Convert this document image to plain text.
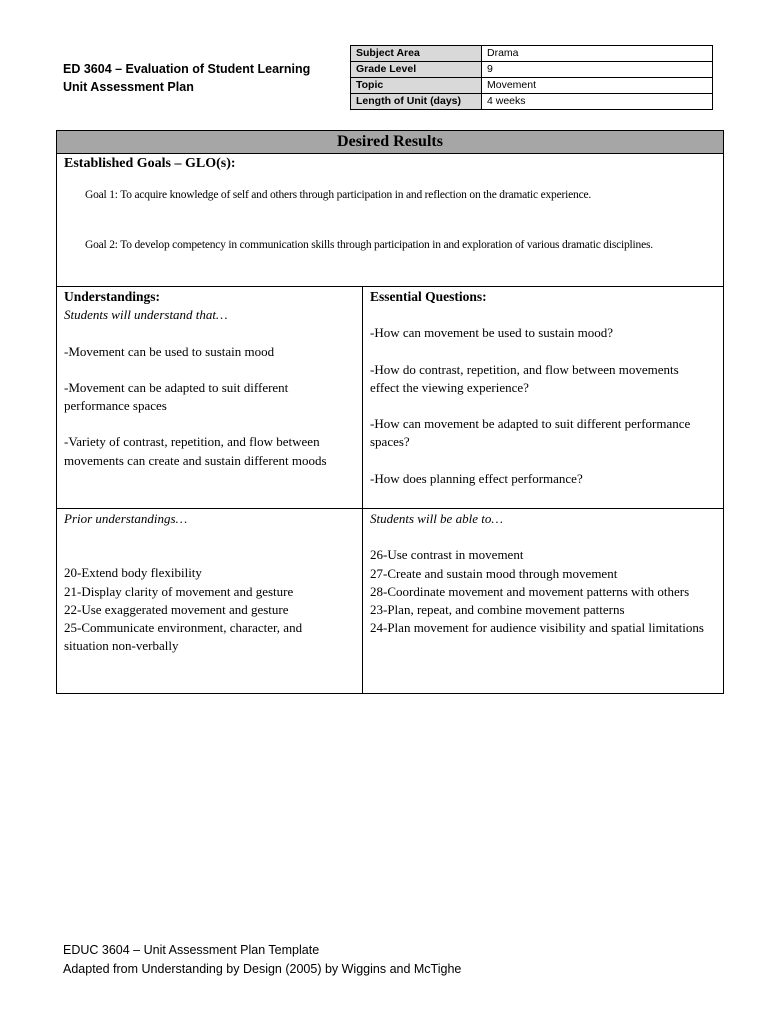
ED 3604 – Evaluation of Student Learning
Unit Assessment Plan
Subject Area	Drama
Grade Level	9
Topic	Movement
Length of Unit (days)	4 weeks
Desired Results
Established Goals – GLO(s):
Goal 1: To acquire knowledge of self and others through participation in and reflection on the dramatic experience.
Goal 2: To develop competency in communication skills through participation in and exploration of various dramatic disciplines.
Understandings:
Students will understand that…
-Movement can be used to sustain mood
-Movement can be adapted to suit different performance spaces
-Variety of contrast, repetition, and flow between movements can create and sustain different moods
Essential Questions:
-How can movement be used to sustain mood?
-How do contrast, repetition, and flow between movements effect the viewing experience?
-How can movement be adapted to suit different performance spaces?
-How does planning effect performance?
Prior understandings…
20-Extend body flexibility
21-Display clarity of movement and gesture
22-Use exaggerated movement and gesture
25-Communicate environment, character, and situation non-verbally
Students will be able to…
26-Use contrast in movement
27-Create and sustain mood through movement
28-Coordinate movement and movement patterns with others
23-Plan, repeat, and combine movement patterns
24-Plan movement for audience visibility and spatial limitations
EDUC 3604 – Unit Assessment Plan Template
Adapted from Understanding by Design (2005) by Wiggins and McTighe
